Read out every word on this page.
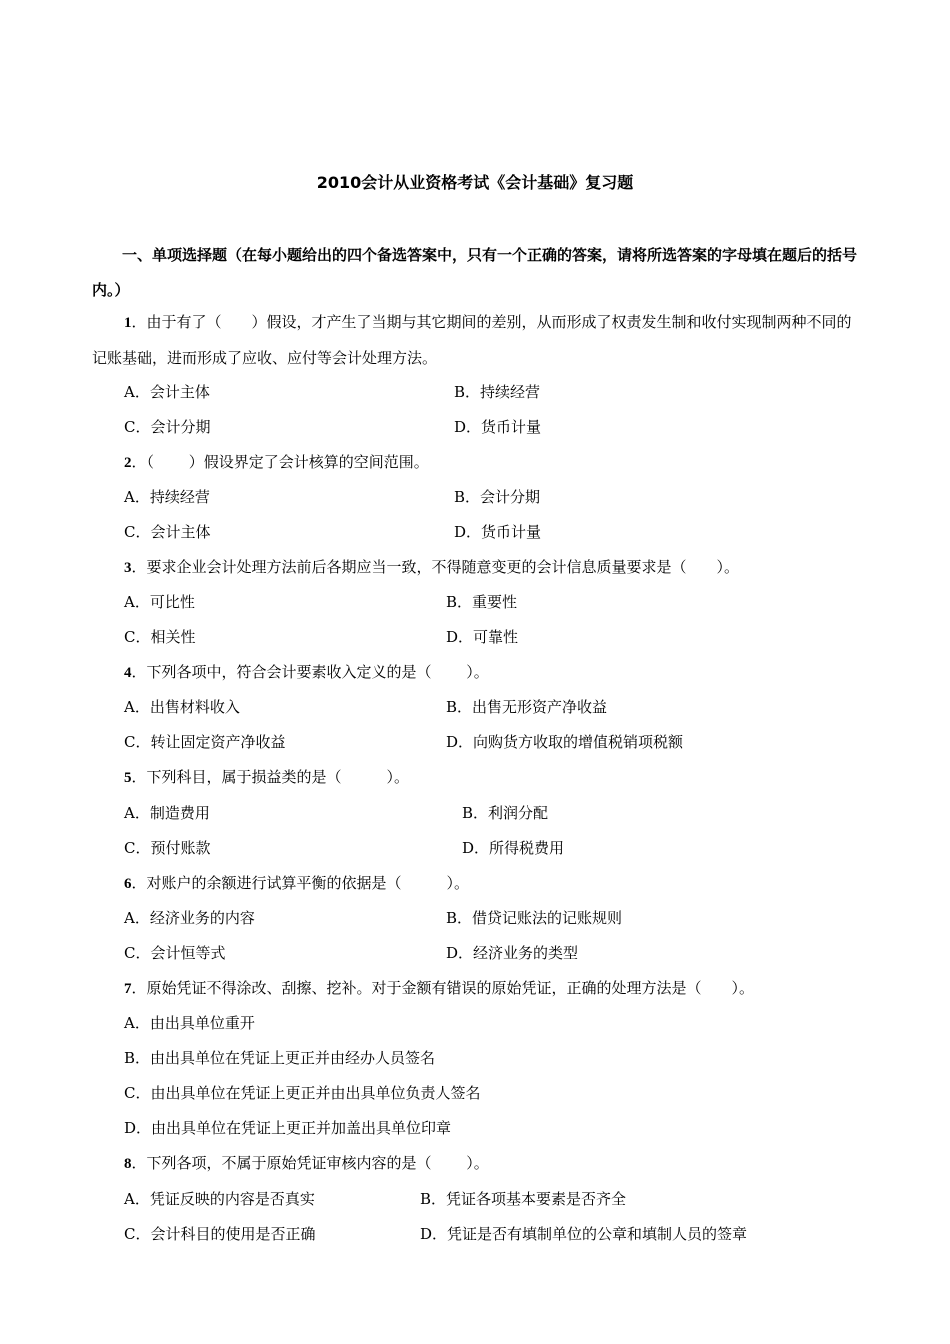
2010会计从业资格考试《会计基础》复习题
一、单项选择题（在每小题给出的四个备选答案中，只有一个正确的答案，请将所选答案的字母填在题后的括号内。）
1．由于有了（　　）假设，才产生了当期与其它期间的差别，从而形成了权责发生制和收付实现制两种不同的记账基础，进而形成了应收、应付等会计处理方法。
A．会计主体	B．持续经营
C．会计分期	D．货币计量
2．（　　 ）假设界定了会计核算的空间范围。
A．持续经营	B．会计分期
C．会计主体	D．货币计量
3．要求企业会计处理方法前后各期应当一致，不得随意变更的会计信息质量要求是（　　）。
A．可比性	B．重要性
C．相关性	D．可靠性
4．下列各项中，符合会计要素收入定义的是（　　 ）。
A．出售材料收入	B．出售无形资产净收益
C．转让固定资产净收益	D．向购货方收取的增值税销项税额
5．下列科目，属于损益类的是（　　　）。
A．制造费用	B．利润分配
C．预付账款	D．所得税费用
6．对账户的余额进行试算平衡的依据是（　　　）。
A．经济业务的内容	B．借贷记账法的记账规则
C．会计恒等式	D．经济业务的类型
7．原始凭证不得涂改、刮擦、挖补。对于金额有错误的原始凭证，正确的处理方法是（　　）。
A．由出具单位重开
B．由出具单位在凭证上更正并由经办人员签名
C．由出具单位在凭证上更正并由出具单位负责人签名
D．由出具单位在凭证上更正并加盖出具单位印章
8．下列各项，不属于原始凭证审核内容的是（　　 ）。
A．凭证反映的内容是否真实	B．凭证各项基本要素是否齐全
C．会计科目的使用是否正确	D．凭证是否有填制单位的公章和填制人员的签章
